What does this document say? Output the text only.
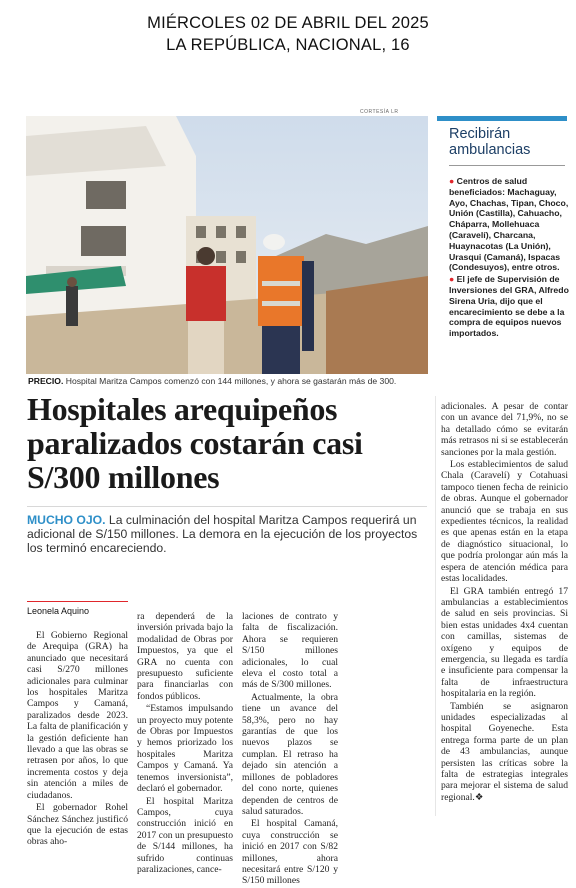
MIÉRCOLES 02 DE ABRIL DEL 2025
LA REPÚBLICA, NACIONAL, 16
CORTESÍA LR
PRECIO. Hospital Maritza Campos comenzó con 144 millones, y ahora se gastarán más de 300.
Recibirán ambulancias

● Centros de salud beneficiados: Machaguay, Ayo, Chachas, Tipan, Choco, Unión (Castilla), Cahuacho, Cháparra, Mollehuaca (Caravelí), Charcana, Huaynacotas (La Unión), Urasqui (Camaná), Ispacas (Condesuyos), entre otros.

● El jefe de Supervisión de Inversiones del GRA, Alfredo Sirena Uria, dijo que el encarecimiento se debe a la compra de equipos nuevos importados.

Hospitales arequipeños paralizados costarán casi S/300 millones
MUCHO OJO. La culminación del hospital Maritza Campos requerirá un adicional de S/150 millones. La demora en la ejecución de los proyectos los terminó encareciendo.
Leonela Aquino

El Gobierno Regional de Arequipa (GRA) ha anunciado que necesitará casi S/270 millones adicionales para culminar los hospitales Maritza Campos y Camaná, paralizados desde 2023. La falta de planificación y la gestión deficiente han llevado a que las obras se retrasen por años, lo que incrementa costos y deja sin atención a miles de ciudadanos.

El gobernador Rohel Sánchez Sánchez justificó que la ejecución de estas obras aho-

ra dependerá de la inversión privada bajo la modalidad de Obras por Impuestos, ya que el GRA no cuenta con presupuesto suficiente para financiarlas con fondos públicos.

“Estamos impulsando un proyecto muy potente de Obras por Impuestos y hemos priorizado los hospitales Maritza Campos y Camaná. Ya tenemos inversionista”, declaró el gobernador.

El hospital Maritza Campos, cuya construcción inició en 2017 con un presupuesto de S/144 millones, ha sufrido continuas paralizaciones, cance-

laciones de contrato y falta de fiscalización. Ahora se requieren S/150 millones adicionales, lo cual eleva el costo total a más de S/300 millones.

Actualmente, la obra tiene un avance del 58,3%, pero no hay garantías de que los nuevos plazos se cumplan. El retraso ha dejado sin atención a millones de pobladores del cono norte, quienes dependen de centros de salud saturados.

El hospital Camaná, cuya construcción se inició en 2017 con S/82 millones, ahora necesitará entre S/120 y S/150 millones

adicionales. A pesar de contar con un avance del 71,9%, no se ha detallado cómo se evitarán más retrasos ni si se establecerán sanciones por la mala gestión.

Los establecimientos de salud Chala (Caravelí) y Cotahuasi tampoco tienen fecha de reinicio de obras. Aunque el gobernador anunció que se trabaja en sus expedientes técnicos, la realidad es que apenas están en la etapa de diagnóstico situacional, lo que podría prolongar aún más la espera de atención médica para estas localidades.

El GRA también entregó 17 ambulancias a establecimientos de salud en seis provincias. Si bien estas unidades 4x4 cuentan con camillas, sistemas de oxígeno y equipos de emergencia, su llegada es tardía e insuficiente para compensar la falta de infraestructura hospitalaria en la región.

También se asignaron unidades especializadas al hospital Goyeneche. Esta entrega forma parte de un plan de 43 ambulancias, aunque persisten las críticas sobre la falta de estrategias integrales para mejorar el sistema de salud regional.❖
